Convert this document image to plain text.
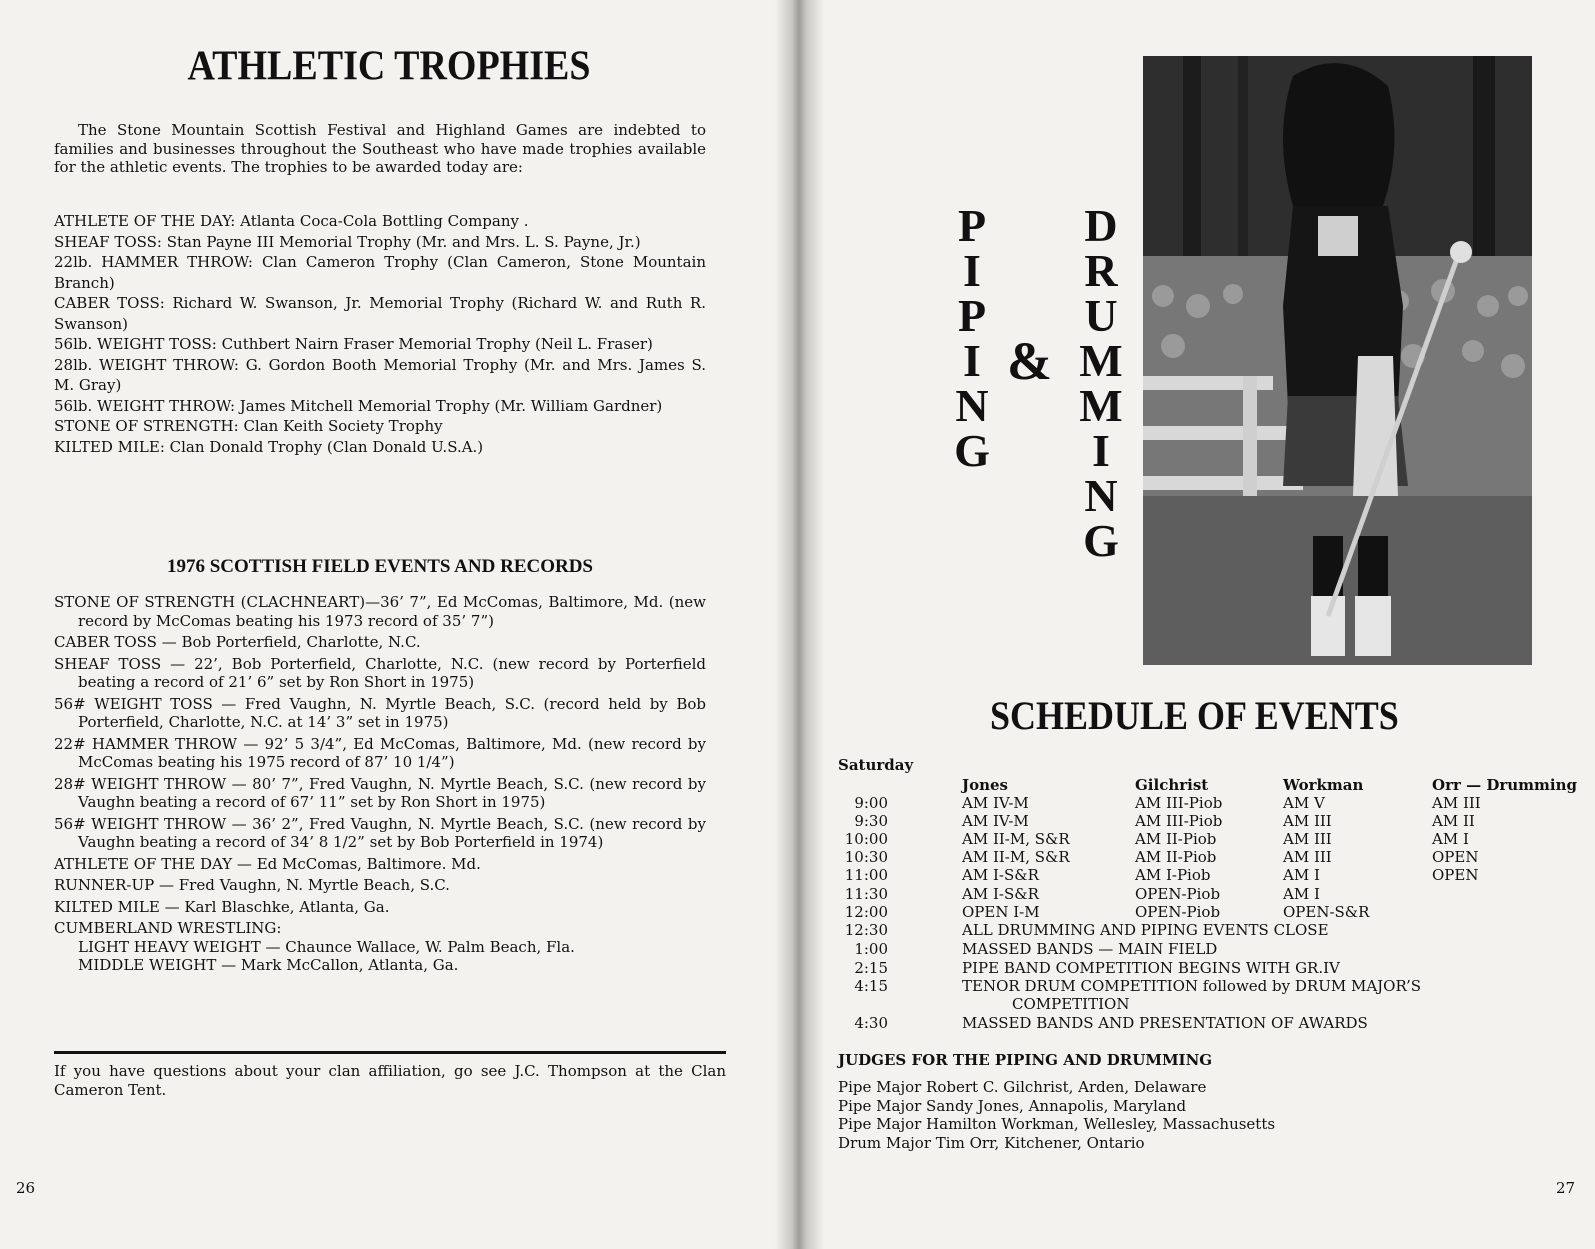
ATHLETIC TROPHIES
The Stone Mountain Scottish Festival and Highland Games are indebted to families and businesses throughout the Southeast who have made trophies available for the athletic events. The trophies to be awarded today are:

ATHLETE OF THE DAY: Atlanta Coca-Cola Bottling Company .

SHEAF TOSS: Stan Payne III Memorial Trophy (Mr. and Mrs. L. S. Payne, Jr.)

22lb. HAMMER THROW: Clan Cameron Trophy (Clan Cameron, Stone Mountain Branch)

CABER TOSS: Richard W. Swanson, Jr. Memorial Trophy (Richard W. and Ruth R. Swanson)

56lb. WEIGHT TOSS: Cuthbert Nairn Fraser Memorial Trophy (Neil L. Fraser)

28lb. WEIGHT THROW: G. Gordon Booth Memorial Trophy (Mr. and Mrs. James S. M. Gray)

56lb. WEIGHT THROW: James Mitchell Memorial Trophy (Mr. William Gardner)

STONE OF STRENGTH: Clan Keith Society Trophy

KILTED MILE: Clan Donald Trophy (Clan Donald U.S.A.)

1976 SCOTTISH FIELD EVENTS AND RECORDS

STONE OF STRENGTH (CLACHNEART)—36’ 7”, Ed McComas, Baltimore, Md. (new record by McComas beating his 1973 record of 35’ 7”)

CABER TOSS — Bob Porterfield, Charlotte, N.C.

SHEAF TOSS — 22’, Bob Porterfield, Charlotte, N.C. (new record by Porterfield beating a record of 21’ 6” set by Ron Short in 1975)

56# WEIGHT TOSS — Fred Vaughn, N. Myrtle Beach, S.C. (record held by Bob Porterfield, Charlotte, N.C. at 14’ 3” set in 1975)

22# HAMMER THROW — 92’ 5 3/4”, Ed McComas, Baltimore, Md. (new record by McComas beating his 1975 record of 87’ 10 1/4”)

28# WEIGHT THROW — 80’ 7”, Fred Vaughn, N. Myrtle Beach, S.C. (new record by Vaughn beating a record of 67’ 11” set by Ron Short in 1975)

56# WEIGHT THROW — 36’ 2”, Fred Vaughn, N. Myrtle Beach, S.C. (new record by Vaughn beating a record of 34’ 8 1/2” set by Bob Porterfield in 1974)

ATHLETE OF THE DAY — Ed McComas, Baltimore. Md.

RUNNER-UP — Fred Vaughn, N. Myrtle Beach, S.C.

KILTED MILE — Karl Blaschke, Atlanta, Ga.

CUMBERLAND WRESTLING:

LIGHT HEAVY WEIGHT — Chaunce Wallace, W. Palm Beach, Fla.

MIDDLE WEIGHT — Mark McCallon, Atlanta, Ga.

If you have questions about your clan affiliation, go see J.C. Thompson at the Clan Cameron Tent.
26
P
I
P
I
N
G
&
D
R
U
M
M
I
N
G
SCHEDULE OF EVENTS
Saturday
Jones	Gilchrist	Workman	Orr — Drumming
9:00	AM IV-M	AM III-Piob	AM V	AM III
9:30	AM IV-M	AM III-Piob	AM III	AM II
10:00	AM II-M, S&R	AM II-Piob	AM III	AM I
10:30	AM II-M, S&R	AM II-Piob	AM III	OPEN
11:00	AM I-S&R	AM I-Piob	AM I	OPEN
11:30	AM I-S&R	OPEN-Piob	AM I
12:00	OPEN I-M	OPEN-Piob	OPEN-S&R
12:30	ALL DRUMMING AND PIPING EVENTS CLOSE
1:00	MASSED BANDS — MAIN FIELD
2:15	PIPE BAND COMPETITION BEGINS WITH GR.IV
4:15	TENOR DRUM COMPETITION followed by DRUM MAJOR’S
COMPETITION
4:30	MASSED BANDS AND PRESENTATION OF AWARDS
JUDGES FOR THE PIPING AND DRUMMING
Pipe Major Robert C. Gilchrist, Arden, Delaware
Pipe Major Sandy Jones, Annapolis, Maryland
Pipe Major Hamilton Workman, Wellesley, Massachusetts
Drum Major Tim Orr, Kitchener, Ontario
27
